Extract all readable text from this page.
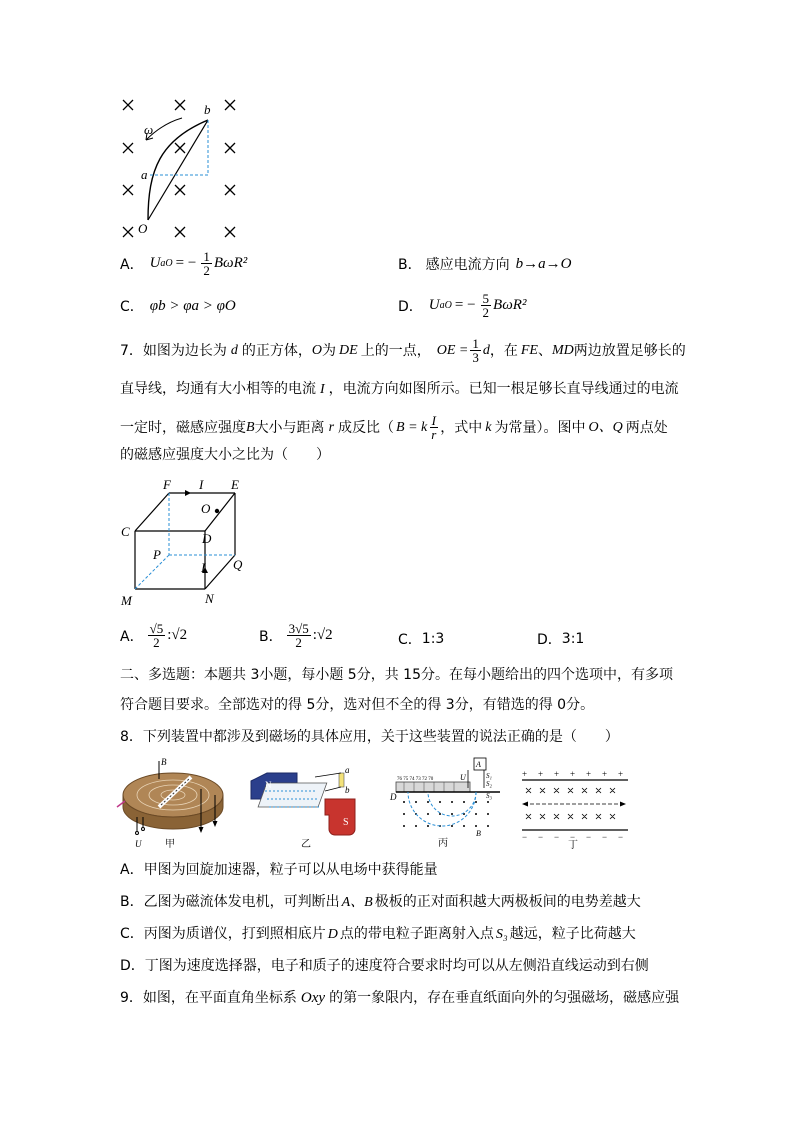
b
a
O
ω
A． U aO = − $\frac{1}{2} B\omega R^2$	B． 感应电流方向 b→a→O
C． φb > φa > φO	D． U aO = − $\frac{5}{2} B\omega R^2$
7．如图为边长为 d 的正方体， O 为 DE 上的一点， OE = $\frac{1}{3}$ d ，在 FE 、 MD 两边放置足够长的
直导线，均通有大小相等的电流 I ，电流方向如图所示。已知一根足够长直导线通过的电流
一定时，磁感应强度 B 大小与距离 r 成反比（ B = k $\frac{I}{r}$ ，式中 k 为常量）。图中 O、Q 两点处
的磁感应强度大小之比为（　　）
F I E
C
O
D
P
I Q
M	N
A． $\frac{√5}{2}$ :√2	B． $\frac{3√5}{2}$ :√2	C． 1:3	D． 3:1
二、多选题：本题共 3小题，每小题 5分，共 15分。在每小题给出的四个选项中，有多项
符合题目要求。全部选对的得 5分，选对但不全的得 3分，有错选的得 0分。
8．下列装置中都涉及到磁场的具体应用，关于这些装置的说法正确的是（　　）
B
U 甲
N
S
a
b
乙
D
A
U	S₁
S₂
S₃
B
76 75 74 73 72 70
丙
+ + + + + + +
− − − − − − −
丁
A．甲图为回旋加速器，粒子可以从电场中获得能量
B．乙图为磁流体发电机，可判断出 A、B 极板的正对面积越大两极板间的电势差越大
C．丙图为质谱仪，打到照相底片 D 点的带电粒子距离射入点 S₃ 越远，粒子比荷越大
D．丁图为速度选择器，电子和质子的速度符合要求时均可以从左侧沿直线运动到右侧
9．如图，在平面直角坐标系 Oxy 的第一象限内，存在垂直纸面向外的匀强磁场，磁感应强
